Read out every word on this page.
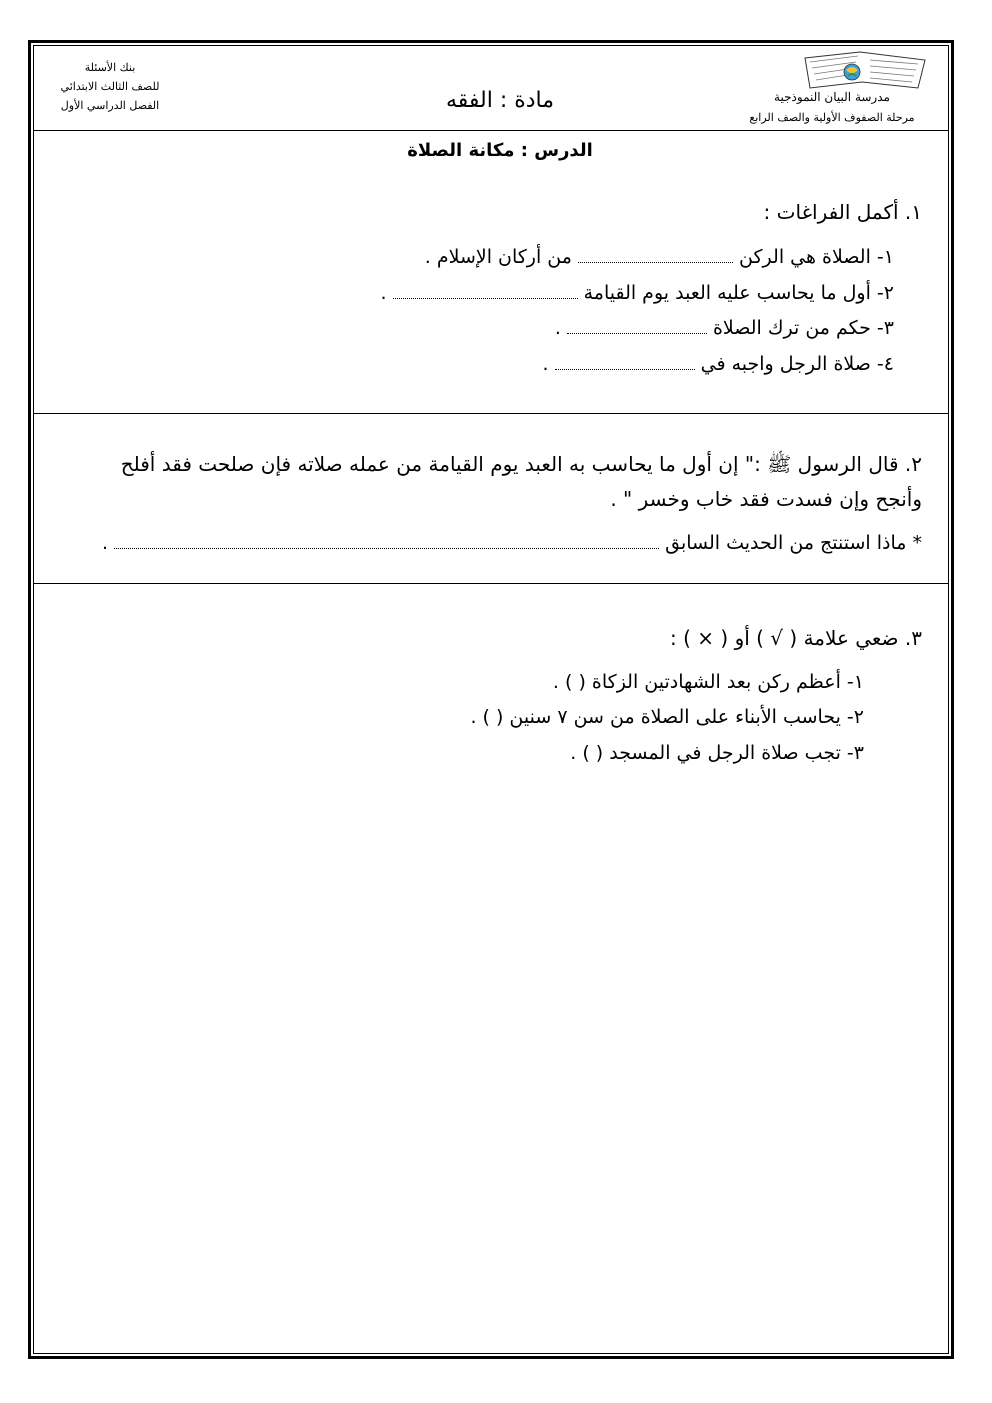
بنك الأسئلة
للصف الثالث الابتدائي
الفصل الدراسي الأول	مادة : الفقه	مدرسة البيان النموذجية
مرحلة الصفوف الأولية والصف الرابع
الدرس : مكانة الصلاة
١. أكمل الفراغات :
١- الصلاة هي الركن  من أركان الإسلام .
٢- أول ما يحاسب عليه العبد يوم القيامة  .
٣- حكم من ترك الصلاة  .
٤- صلاة الرجل واجبه في  .
٢. قال الرسول ﷺ :" إن أول ما يحاسب به العبد يوم القيامة من عمله صلاته فإن صلحت فقد أفلح
وأنجح وإن فسدت فقد خاب وخسر " .
* ماذا استنتج من الحديث السابق  .
٣. ضعي علامة ( √ ) أو ( × ) :
١- أعظم ركن بعد الشهادتين الزكاة ( ) .
٢- يحاسب الأبناء على الصلاة من سن ٧ سنين ( ) .
٣- تجب صلاة الرجل في المسجد ( ) .
